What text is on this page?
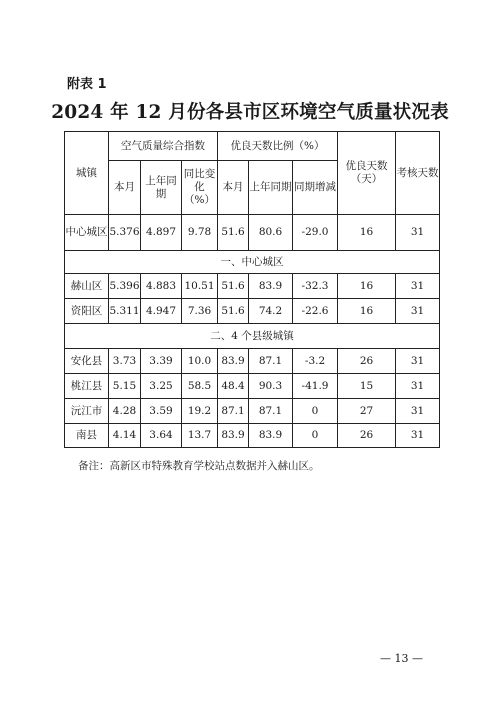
附表 1
2024 年 12 月份各县市区环境空气质量状况表
城镇	空气质量综合指数			优良天数比例（%）			优良天数（天）	考核天数
	本月	上年同期	同比变化（%）	本月	上年同期	同期增减		
中心城区	5.376	4.897	9.78	51.6	80.6	-29.0	16	31
一、中心城区								
赫山区	5.396	4.883	10.51	51.6	83.9	-32.3	16	31
资阳区	5.311	4.947	7.36	51.6	74.2	-22.6	16	31
二、4 个县级城镇								
安化县	3.73	3.39	10.0	83.9	87.1	-3.2	26	31
桃江县	5.15	3.25	58.5	48.4	90.3	-41.9	15	31
沅江市	4.28	3.59	19.2	87.1	87.1	0	27	31
南县	4.14	3.64	13.7	83.9	83.9	0	26	31
备注：高新区市特殊教育学校站点数据并入赫山区。
— 13 —
